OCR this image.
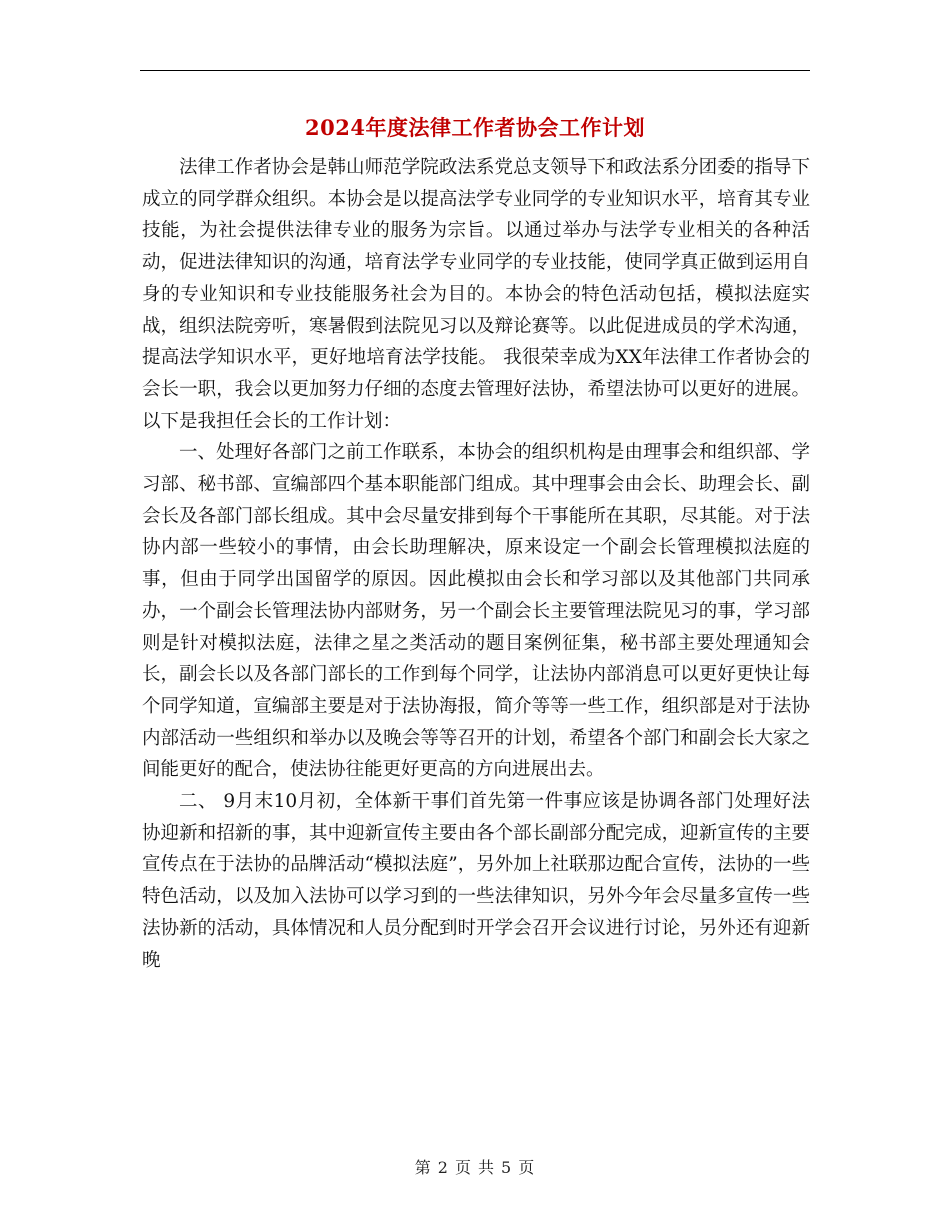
2024年度法律工作者协会工作计划

法律工作者协会是韩山师范学院政法系党总支领导下和政法系分团委的指导下成立的同学群众组织。本协会是以提高法学专业同学的专业知识水平，培育其专业技能，为社会提供法律专业的服务为宗旨。以通过举办与法学专业相关的各种活动，促进法律知识的沟通，培育法学专业同学的专业技能，使同学真正做到运用自身的专业知识和专业技能服务社会为目的。本协会的特色活动包括，模拟法庭实战，组织法院旁听，寒暑假到法院见习以及辩论赛等。以此促进成员的学术沟通，提高法学知识水平，更好地培育法学技能。 我很荣幸成为XX年法律工作者协会的会长一职，我会以更加努力仔细的态度去管理好法协，希望法协可以更好的进展。以下是我担任会长的工作计划：

一、处理好各部门之前工作联系，本协会的组织机构是由理事会和组织部、学习部、秘书部、宣编部四个基本职能部门组成。其中理事会由会长、助理会长、副会长及各部门部长组成。其中会尽量安排到每个干事能所在其职，尽其能。对于法协内部一些较小的事情，由会长助理解决，原来设定一个副会长管理模拟法庭的事，但由于同学出国留学的原因。因此模拟由会长和学习部以及其他部门共同承办，一个副会长管理法协内部财务，另一个副会长主要管理法院见习的事，学习部则是针对模拟法庭，法律之星之类活动的题目案例征集，秘书部主要处理通知会长，副会长以及各部门部长的工作到每个同学，让法协内部消息可以更好更快让每个同学知道，宣编部主要是对于法协海报，简介等等一些工作，组织部是对于法协内部活动一些组织和举办以及晚会等等召开的计划，希望各个部门和副会长大家之间能更好的配合，使法协往能更好更高的方向进展出去。

二、 9月末10月初，全体新干事们首先第一件事应该是协调各部门处理好法协迎新和招新的事，其中迎新宣传主要由各个部长副部分配完成，迎新宣传的主要宣传点在于法协的品牌活动“模拟法庭”，另外加上社联那边配合宣传，法协的一些特色活动，以及加入法协可以学习到的一些法律知识，另外今年会尽量多宣传一些法协新的活动，具体情况和人员分配到时开学会召开会议进行讨论，另外还有迎新晚

第 2 页 共 5 页
